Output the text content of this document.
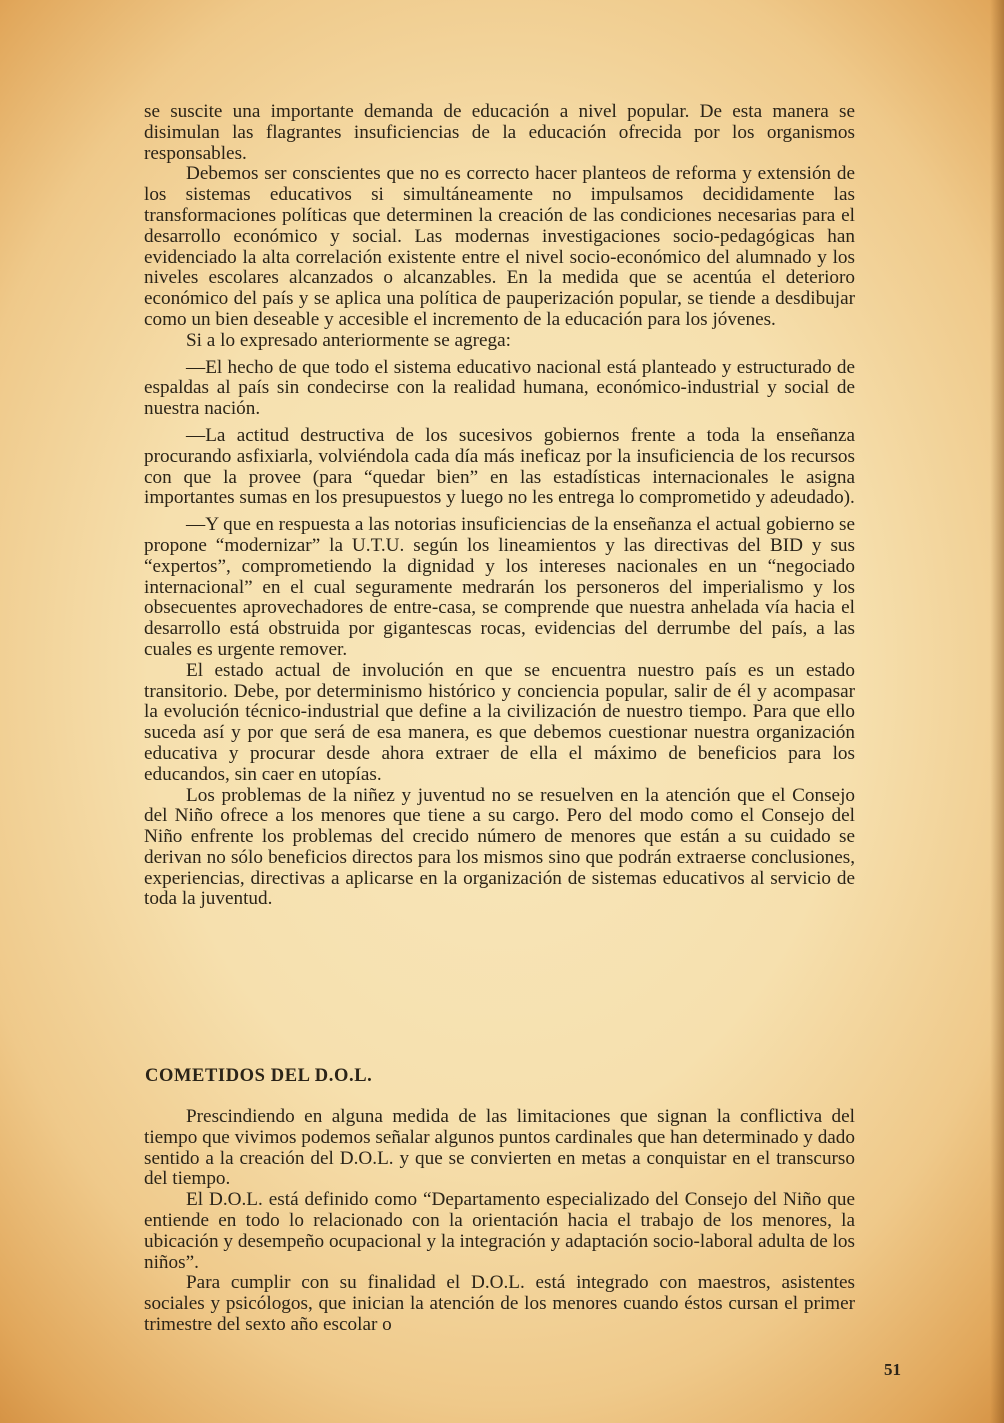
se suscite una importante demanda de educación a nivel popular. De esta manera se disimulan las flagrantes insuficiencias de la educación ofrecida por los organismos responsables.

Debemos ser conscientes que no es correcto hacer planteos de reforma y extensión de los sistemas educativos si simultáneamente no impulsamos decididamente las transformaciones políticas que determinen la creación de las condiciones necesarias para el desarrollo económico y social. Las modernas investigaciones socio-pedagógicas han evidenciado la alta correlación existente entre el nivel socio-económico del alumnado y los niveles escolares alcanzados o alcanzables. En la medida que se acentúa el deterioro económico del país y se aplica una política de pauperización popular, se tiende a desdibujar como un bien deseable y accesible el incremento de la educación para los jóvenes.

Si a lo expresado anteriormente se agrega:

—El hecho de que todo el sistema educativo nacional está planteado y estructurado de espaldas al país sin condecirse con la realidad humana, económico-industrial y social de nuestra nación.

—La actitud destructiva de los sucesivos gobiernos frente a toda la enseñanza procurando asfixiarla, volviéndola cada día más ineficaz por la insuficiencia de los recursos con que la provee (para “quedar bien” en las estadísticas internacionales le asigna importantes sumas en los presupuestos y luego no les entrega lo comprometido y adeudado).

—Y que en respuesta a las notorias insuficiencias de la enseñanza el actual gobierno se propone “modernizar” la U.T.U. según los lineamientos y las directivas del BID y sus “expertos”, comprometiendo la dignidad y los intereses nacionales en un “negociado internacional” en el cual seguramente medrarán los personeros del imperialismo y los obsecuentes aprovechadores de entre-casa, se comprende que nuestra anhelada vía hacia el desarrollo está obstruida por gigantescas rocas, evidencias del derrumbe del país, a las cuales es urgente remover.

El estado actual de involución en que se encuentra nuestro país es un estado transitorio. Debe, por determinismo histórico y conciencia popular, salir de él y acompasar la evolución técnico-industrial que define a la civilización de nuestro tiempo. Para que ello suceda así y por que será de esa manera, es que debemos cuestionar nuestra organización educativa y procurar desde ahora extraer de ella el máximo de beneficios para los educandos, sin caer en utopías.

Los problemas de la niñez y juventud no se resuelven en la atención que el Consejo del Niño ofrece a los menores que tiene a su cargo. Pero del modo como el Consejo del Niño enfrente los problemas del crecido número de menores que están a su cuidado se derivan no sólo beneficios directos para los mismos sino que podrán extraerse conclusiones, experiencias, directivas a aplicarse en la organización de sistemas educativos al servicio de toda la juventud.

COMETIDOS DEL D.O.L.

Prescindiendo en alguna medida de las limitaciones que signan la conflictiva del tiempo que vivimos podemos señalar algunos puntos cardinales que han determinado y dado sentido a la creación del D.O.L. y que se convierten en metas a conquistar en el transcurso del tiempo.

El D.O.L. está definido como “Departamento especializado del Consejo del Niño que entiende en todo lo relacionado con la orientación hacia el trabajo de los menores, la ubicación y desempeño ocupacional y la integración y adaptación socio-laboral adulta de los niños”.

Para cumplir con su finalidad el D.O.L. está integrado con maestros, asistentes sociales y psicólogos, que inician la atención de los menores cuando éstos cursan el primer trimestre del sexto año escolar o

51
